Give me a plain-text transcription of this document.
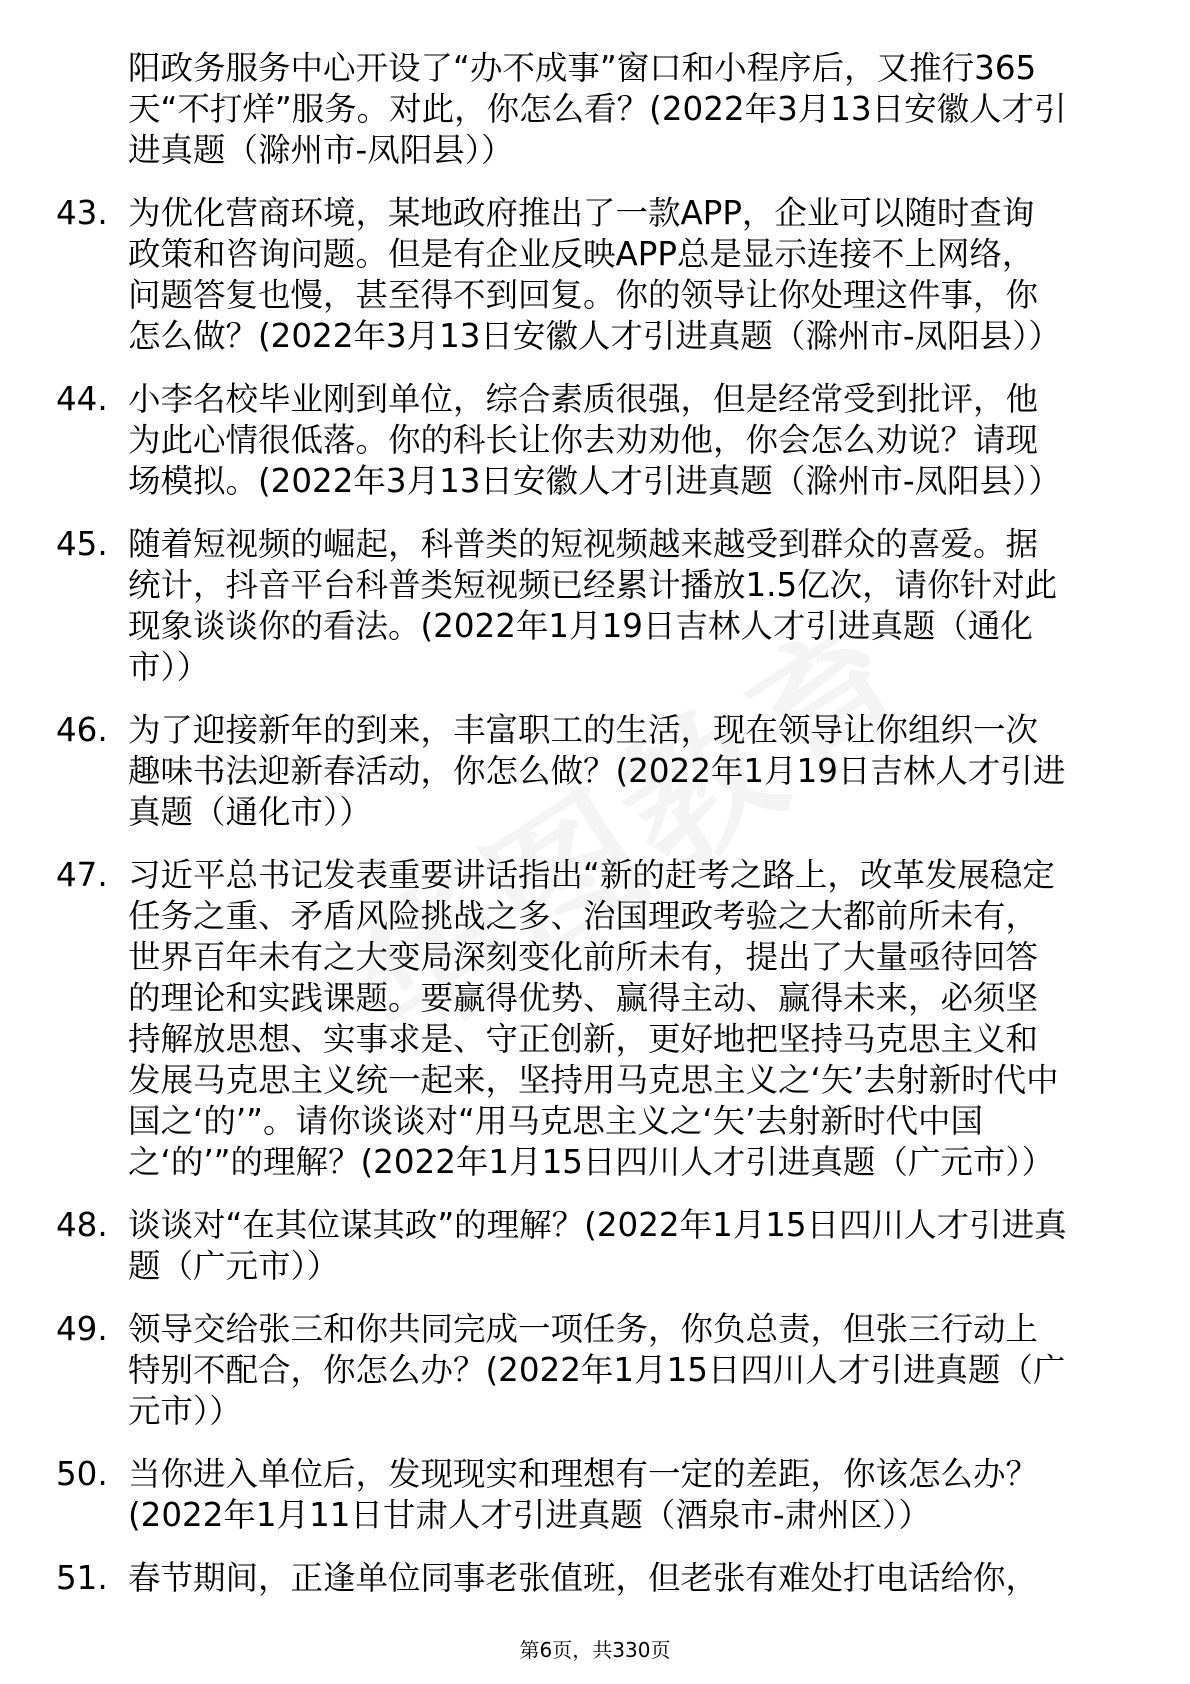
阳政务服务中心开设了“办不成事”窗口和小程序后，又推行365
天“不打烊”服务。对此，你怎么看？(2022年3月13日安徽人才引
进真题（滁州市-凤阳县））
43. 为优化营商环境，某地政府推出了一款APP，企业可以随时查询
政策和咨询问题。但是有企业反映APP总是显示连接不上网络，
问题答复也慢，甚至得不到回复。你的领导让你处理这件事，你
怎么做？(2022年3月13日安徽人才引进真题（滁州市-凤阳县））
44. 小李名校毕业刚到单位，综合素质很强，但是经常受到批评，他
为此心情很低落。你的科长让你去劝劝他，你会怎么劝说？请现
场模拟。(2022年3月13日安徽人才引进真题（滁州市-凤阳县））
45. 随着短视频的崛起，科普类的短视频越来越受到群众的喜爱。据
统计，抖音平台科普类短视频已经累计播放1.5亿次，请你针对此
现象谈谈你的看法。(2022年1月19日吉林人才引进真题（通化
市））
46. 为了迎接新年的到来，丰富职工的生活，现在领导让你组织一次
趣味书法迎新春活动，你怎么做？(2022年1月19日吉林人才引进
真题（通化市））
47. 习近平总书记发表重要讲话指出“新的赶考之路上，改革发展稳定
任务之重、矛盾风险挑战之多、治国理政考验之大都前所未有，
世界百年未有之大变局深刻变化前所未有，提出了大量亟待回答
的理论和实践课题。要赢得优势、赢得主动、赢得未来，必须坚
持解放思想、实事求是、守正创新，更好地把坚持马克思主义和
发展马克思主义统一起来，坚持用马克思主义之‘矢’去射新时代中
国之‘的’”。请你谈谈对“用马克思主义之‘矢’去射新时代中国
之‘的’”的理解？(2022年1月15日四川人才引进真题（广元市））
48. 谈谈对“在其位谋其政”的理解？(2022年1月15日四川人才引进真
题（广元市））
49. 领导交给张三和你共同完成一项任务，你负总责，但张三行动上
特别不配合，你怎么办？(2022年1月15日四川人才引进真题（广
元市））
50. 当你进入单位后，发现现实和理想有一定的差距，你该怎么办？
(2022年1月11日甘肃人才引进真题（酒泉市-肃州区））
51. 春节期间，正逢单位同事老张值班，但老张有难处打电话给你，
第6页，共330页
